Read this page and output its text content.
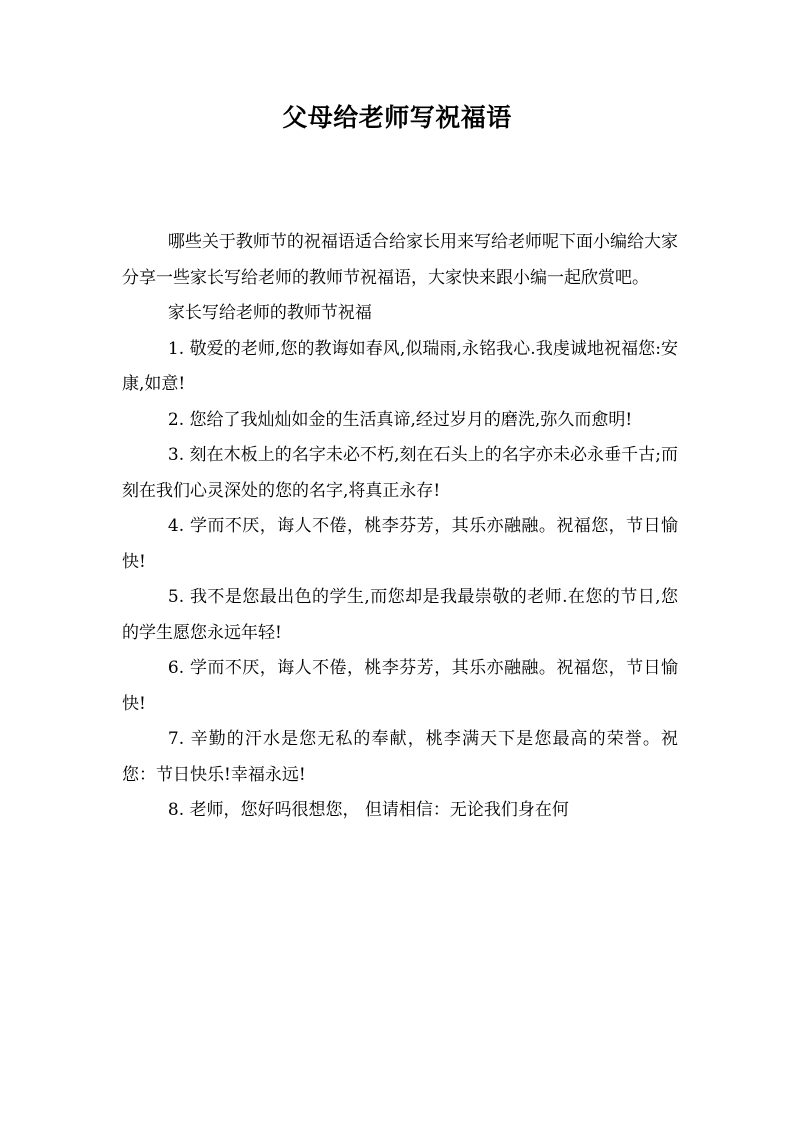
父母给老师写祝福语

哪些关于教师节的祝福语适合给家长用来写给老师呢下面小编给大家分享一些家长写给老师的教师节祝福语，大家快来跟小编一起欣赏吧。

家长写给老师的教师节祝福

1. 敬爱的老师,您的教诲如春风,似瑞雨,永铭我心.我虔诚地祝福您:安康,如意!

2. 您给了我灿灿如金的生活真谛,经过岁月的磨洗,弥久而愈明!

3. 刻在木板上的名字未必不朽,刻在石头上的名字亦未必永垂千古;而刻在我们心灵深处的您的名字,将真正永存!

4. 学而不厌，诲人不倦，桃李芬芳，其乐亦融融。祝福您，节日愉快!

5. 我不是您最出色的学生,而您却是我最崇敬的老师.在您的节日,您的学生愿您永远年轻!

6. 学而不厌，诲人不倦，桃李芬芳，其乐亦融融。祝福您，节日愉快!

7. 辛勤的汗水是您无私的奉献，桃李满天下是您最高的荣誉。祝您：节日快乐!幸福永远!

8. 老师，您好吗很想您， 但请相信：无论我们身在何
